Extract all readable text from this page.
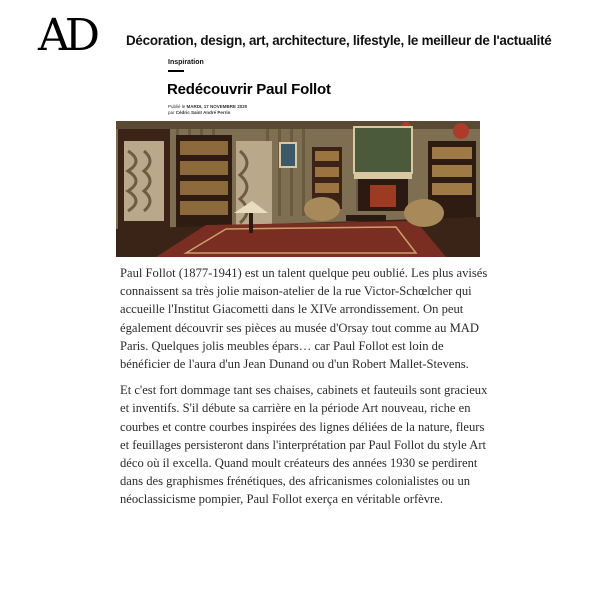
AD Décoration, design, art, architecture, lifestyle, le meilleur de l'actualité
Inspiration
Redécouvrir Paul Follot
Publié le MARDI, 17 NOVEMBRE 2020
par Cédric Saint André Perrin

Paul Follot (1877-1941) est un talent quelque peu oublié. Les plus avisés connaissent sa très jolie maison-atelier de la rue Victor-Schœlcher qui accueille l'Institut Giacometti dans le XIVe arrondissement. On peut également découvrir ses pièces au musée d'Orsay tout comme au MAD Paris. Quelques jolis meubles épars… car Paul Follot est loin de bénéficier de l'aura d'un Jean Dunand ou d'un Robert Mallet-Stevens.

Et c'est fort dommage tant ses chaises, cabinets et fauteuils sont gracieux et inventifs. S'il débute sa carrière en la période Art nouveau, riche en courbes et contre courbes inspirées des lignes déliées de la nature, fleurs et feuillages persisteront dans l'interprétation par Paul Follot du style Art déco où il excella. Quand moult créateurs des années 1930 se perdirent dans des graphismes frénétiques, des africanismes colonialistes ou un néoclassicisme pompier, Paul Follot exerça en véritable orfèvre.
